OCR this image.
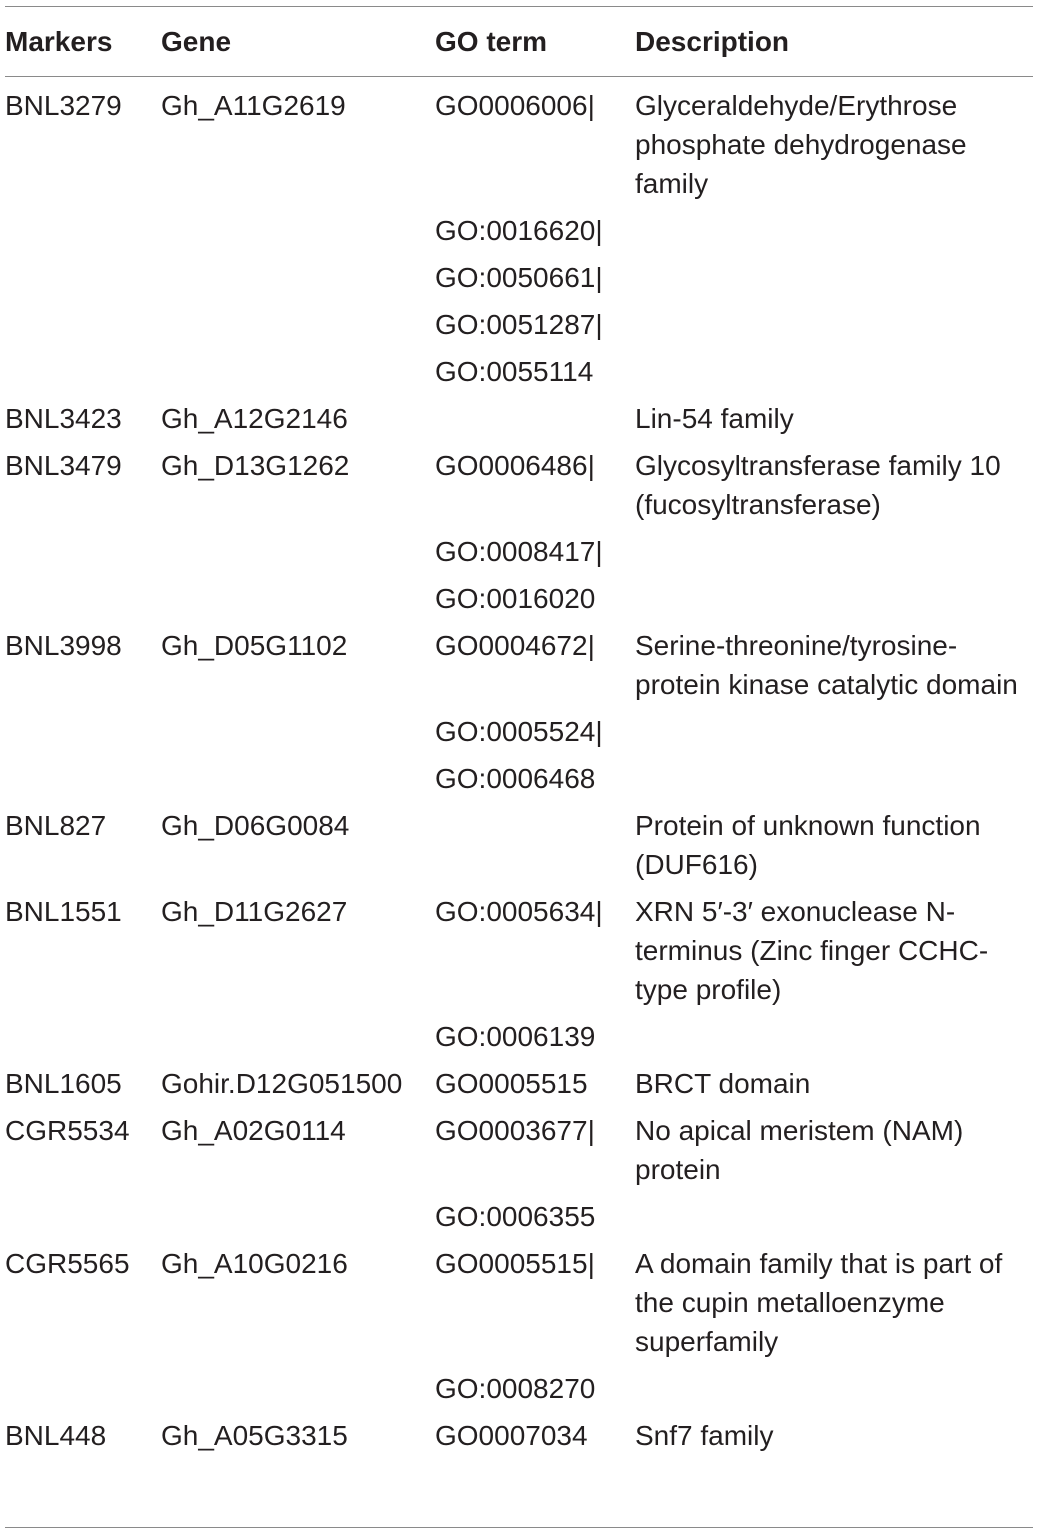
Markers	Gene	GO term	Description
BNL3279	Gh_A11G2619	GO0006006|	Glyceraldehyde/Erythrose phosphate dehydrogenase family
		GO:0016620|	
		GO:0050661|	
		GO:0051287|	
		GO:0055114	
BNL3423	Gh_A12G2146		Lin-54 family
BNL3479	Gh_D13G1262	GO0006486|	Glycosyltransferase family 10 (fucosyltransferase)
		GO:0008417|	
		GO:0016020	
BNL3998	Gh_D05G1102	GO0004672|	Serine-threonine/tyrosine-protein kinase catalytic domain
		GO:0005524|	
		GO:0006468	
BNL827	Gh_D06G0084		Protein of unknown function (DUF616)
BNL1551	Gh_D11G2627	GO:0005634|	XRN 5′-3′ exonuclease N-terminus (Zinc finger CCHC-type profile)
		GO:0006139	
BNL1605	Gohir.D12G051500	GO0005515	BRCT domain
CGR5534	Gh_A02G0114	GO0003677|	No apical meristem (NAM) protein
		GO:0006355	
CGR5565	Gh_A10G0216	GO0005515|	A domain family that is part of the cupin metalloenzyme superfamily
		GO:0008270	
BNL448	Gh_A05G3315	GO0007034	Snf7 family
